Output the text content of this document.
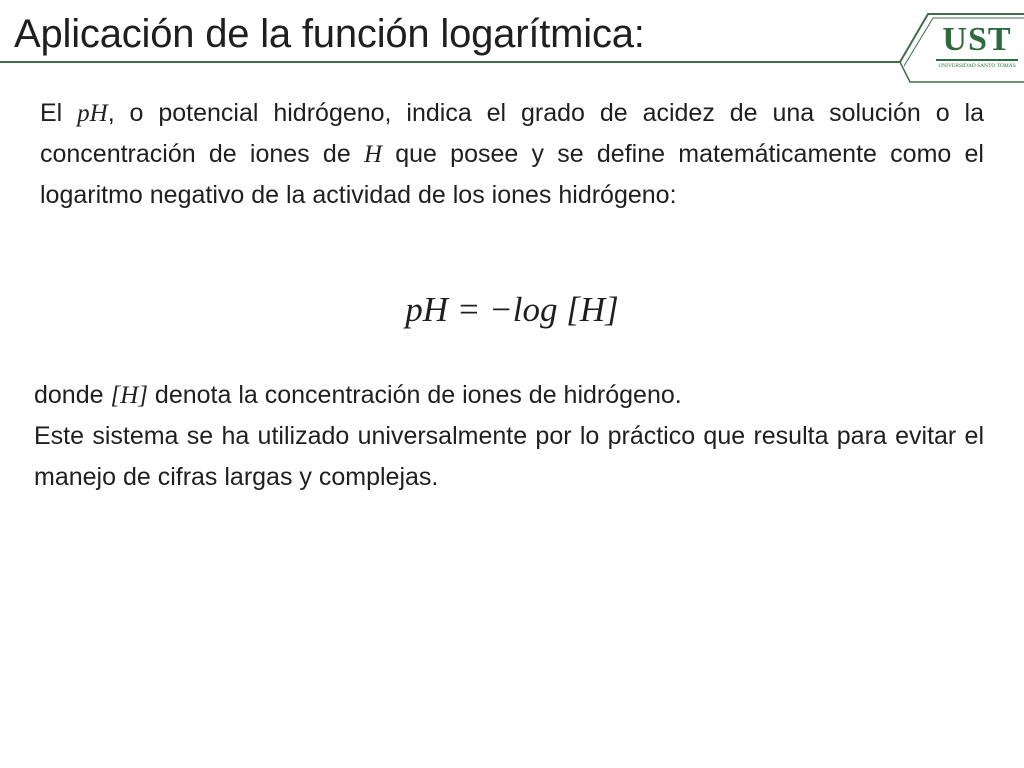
UST
UNIVERSIDAD SANTO TOMÁS
Aplicación de la función logarítmica:

El pH, o potencial hidrógeno, indica el grado de acidez de una solución o la concentración de iones de H que posee y se define matemáticamente como el logaritmo negativo de la actividad de los iones hidrógeno:

pH = −log [H]
donde [H] denota la concentración de iones de hidrógeno.
Este sistema se ha utilizado universalmente por lo práctico que resulta para evitar el manejo de cifras largas y complejas.
